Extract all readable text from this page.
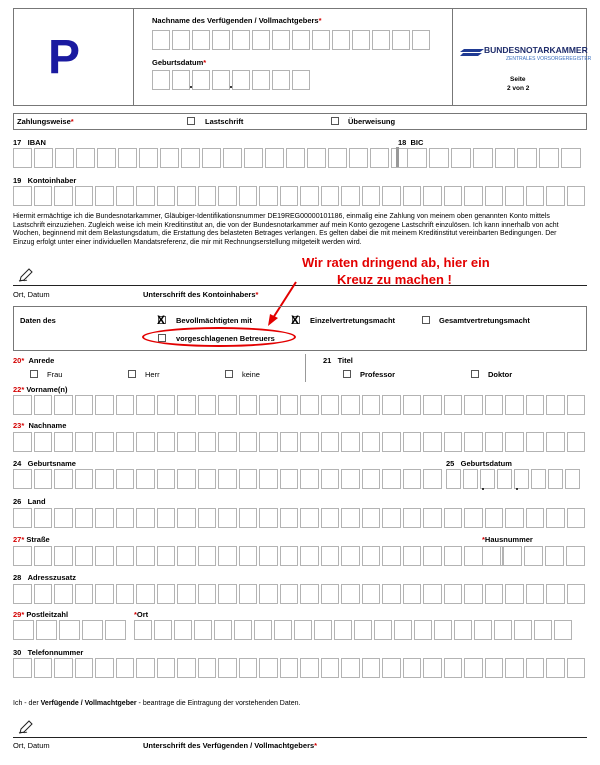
P
Nachname des Verfügenden / Vollmachtgebers*
Geburtsdatum*
BUNDESNOTARKAMMER
ZENTRALES VORSORGEREGISTER
Seite
2 von 2
Zahlungsweise*	Lastschrift	Überweisung
17 IBAN	18 BIC
19 Kontoinhaber
Hiermit ermächtige ich die Bundesnotarkammer, Gläubiger-Identifikationsnummer DE19REG00000101186, einmalig eine Zahlung von meinem oben genannten Konto mittels Lastschrift einzuziehen. Zugleich weise ich mein Kreditinstitut an, die von der Bundesnotarkammer auf mein Konto gezogene Lastschrift einzulösen. Ich kann innerhalb von acht Wochen, beginnend mit dem Belastungsdatum, die Erstattung des belasteten Betrages verlangen. Es gelten dabei die mit meinem Kreditinstitut vereinbarten Bedingungen. Der Einzug erfolgt unter einer individuellen Mandatsreferenz, die mir mit Rechnungserstellung mitgeteilt werden wird.
Ort, Datum	Unterschrift des Kontoinhabers*
Wir raten dringend ab, hier ein
Kreuz zu machen !
Daten des	X Bevollmächtigten mit	X Einzelvertretungsmacht	Gesamtvertretungsmacht
vorgeschlagenen Betreuers
20* Anrede
Frau	Herr	keine
21 Titel
Professor	Doktor
22* Vorname(n)
23* Nachname
24 Geburtsname	25 Geburtsdatum
26 Land
27* Straße	*Hausnummer
28 Adresszusatz
29* Postleitzahl	*Ort
30 Telefonnummer
Ich - der Verfügende / Vollmachtgeber - beantrage die Eintragung der vorstehenden Daten.
Ort, Datum	Unterschrift des Verfügenden / Vollmachtgebers*
